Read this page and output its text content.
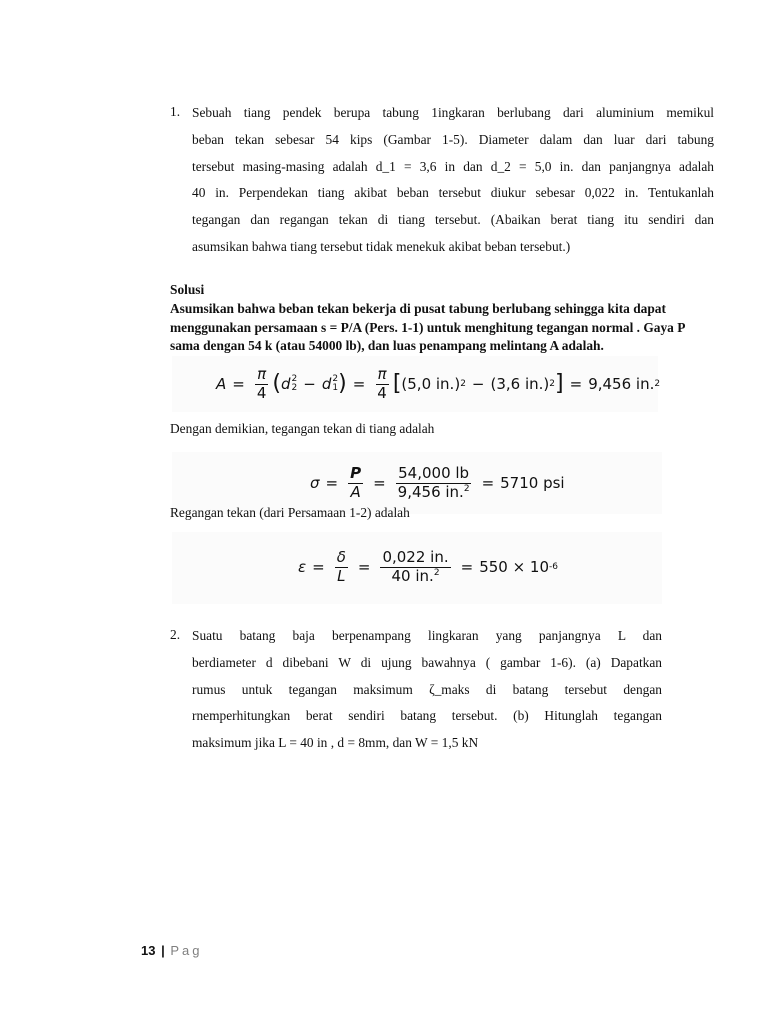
1. Sebuah tiang pendek berupa tabung 1ingkaran berlubang dari aluminium memikul
beban tekan sebesar 54 kips (Gambar 1-5). Diameter dalam dan luar dari tabung
tersebut masing-masing adalah d_1 = 3,6 in dan d_2 = 5,0 in. dan panjangnya adalah
40 in. Perpendekan tiang akibat beban tersebut diukur sebesar 0,022 in. Tentukanlah
tegangan dan regangan tekan di tiang tersebut. (Abaikan berat tiang itu sendiri dan
asumsikan bahwa tiang tersebut tidak menekuk akibat beban tersebut.)
Solusi
Asumsikan bahwa beban tekan bekerja di pusat tabung berlubang sehingga kita dapat
menggunakan persamaan s = P/A (Pers. 1-1) untuk menghitung tegangan normal . Gaya P
sama dengan 54 k (atau 54000 lb), dan luas penampang melintang A adalah.
$A = \frac{\pi}{4}$ ( d 2
2 − d 2
1 ) = $\frac{\pi}{4}$ [ (5,0 in.) 2 − (3,6 in.) 2 ] = 9,456 in. 2
Dengan demikian, tegangan tekan di tiang adalah
$\sigma = \frac{P}{A} = \frac{54,000 lb}{9,456 in.^2} = 5710$ psi
Regangan tekan (dari Persamaan 1-2) adalah
$\varepsilon = \frac{\delta}{L} = \frac{0,022 in.}{40 in.^2} = 550 \times 10$ -6
2. Suatu batang baja berpenampang lingkaran yang panjangnya L dan
berdiameter d dibebani W di ujung bawahnya ( gambar 1-6). (a) Dapatkan
rumus untuk tegangan maksimum ζ_maks di batang tersebut dengan
rnemperhitungkan berat sendiri batang tersebut. (b) Hitunglah tegangan
maksimum jika L = 40 in , d = 8mm, dan W = 1,5 kN
13 | Pag
